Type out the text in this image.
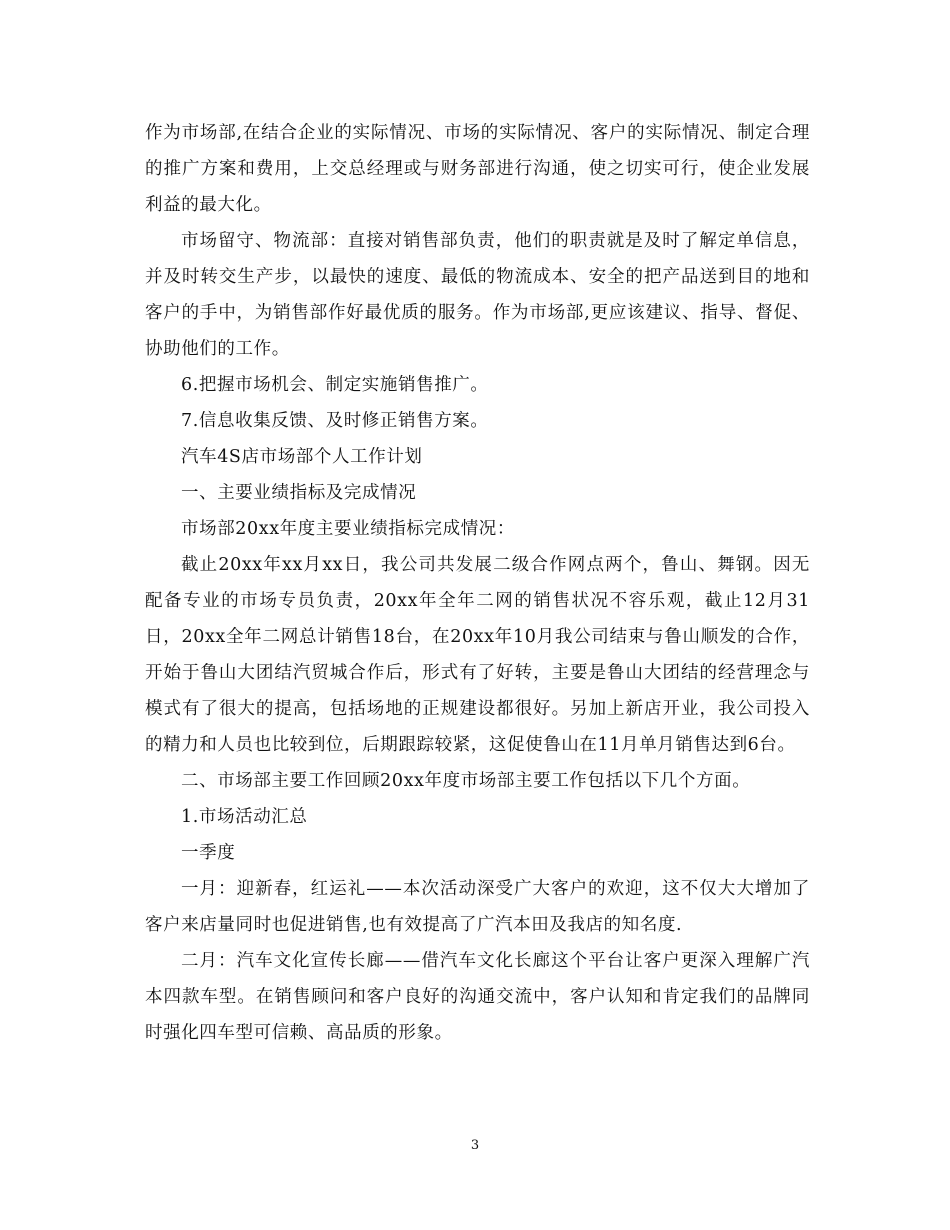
作为市场部,在结合企业的实际情况、市场的实际情况、客户的实际情况、制定合理的推广方案和费用，上交总经理或与财务部进行沟通，使之切实可行，使企业发展利益的最大化。

市场留守、物流部：直接对销售部负责，他们的职责就是及时了解定单信息，并及时转交生产步，以最快的速度、最低的物流成本、安全的把产品送到目的地和客户的手中，为销售部作好最优质的服务。作为市场部,更应该建议、指导、督促、协助他们的工作。

6.把握市场机会、制定实施销售推广。

7.信息收集反馈、及时修正销售方案。

汽车4S店市场部个人工作计划

一、主要业绩指标及完成情况

市场部20xx年度主要业绩指标完成情况：

截止20xx年xx月xx日，我公司共发展二级合作网点两个，鲁山、舞钢。因无配备专业的市场专员负责，20xx年全年二网的销售状况不容乐观，截止12月31日，20xx全年二网总计销售18台，在20xx年10月我公司结束与鲁山顺发的合作，开始于鲁山大团结汽贸城合作后，形式有了好转，主要是鲁山大团结的经营理念与模式有了很大的提高，包括场地的正规建设都很好。另加上新店开业，我公司投入的精力和人员也比较到位，后期跟踪较紧，这促使鲁山在11月单月销售达到6台。

二、市场部主要工作回顾20xx年度市场部主要工作包括以下几个方面。

1.市场活动汇总

一季度

一月：迎新春，红运礼——本次活动深受广大客户的欢迎，这不仅大大增加了客户来店量同时也促进销售,也有效提高了广汽本田及我店的知名度.

二月：汽车文化宣传长廊——借汽车文化长廊这个平台让客户更深入理解广汽本四款车型。在销售顾问和客户良好的沟通交流中，客户认知和肯定我们的品牌同时强化四车型可信赖、高品质的形象。

3
